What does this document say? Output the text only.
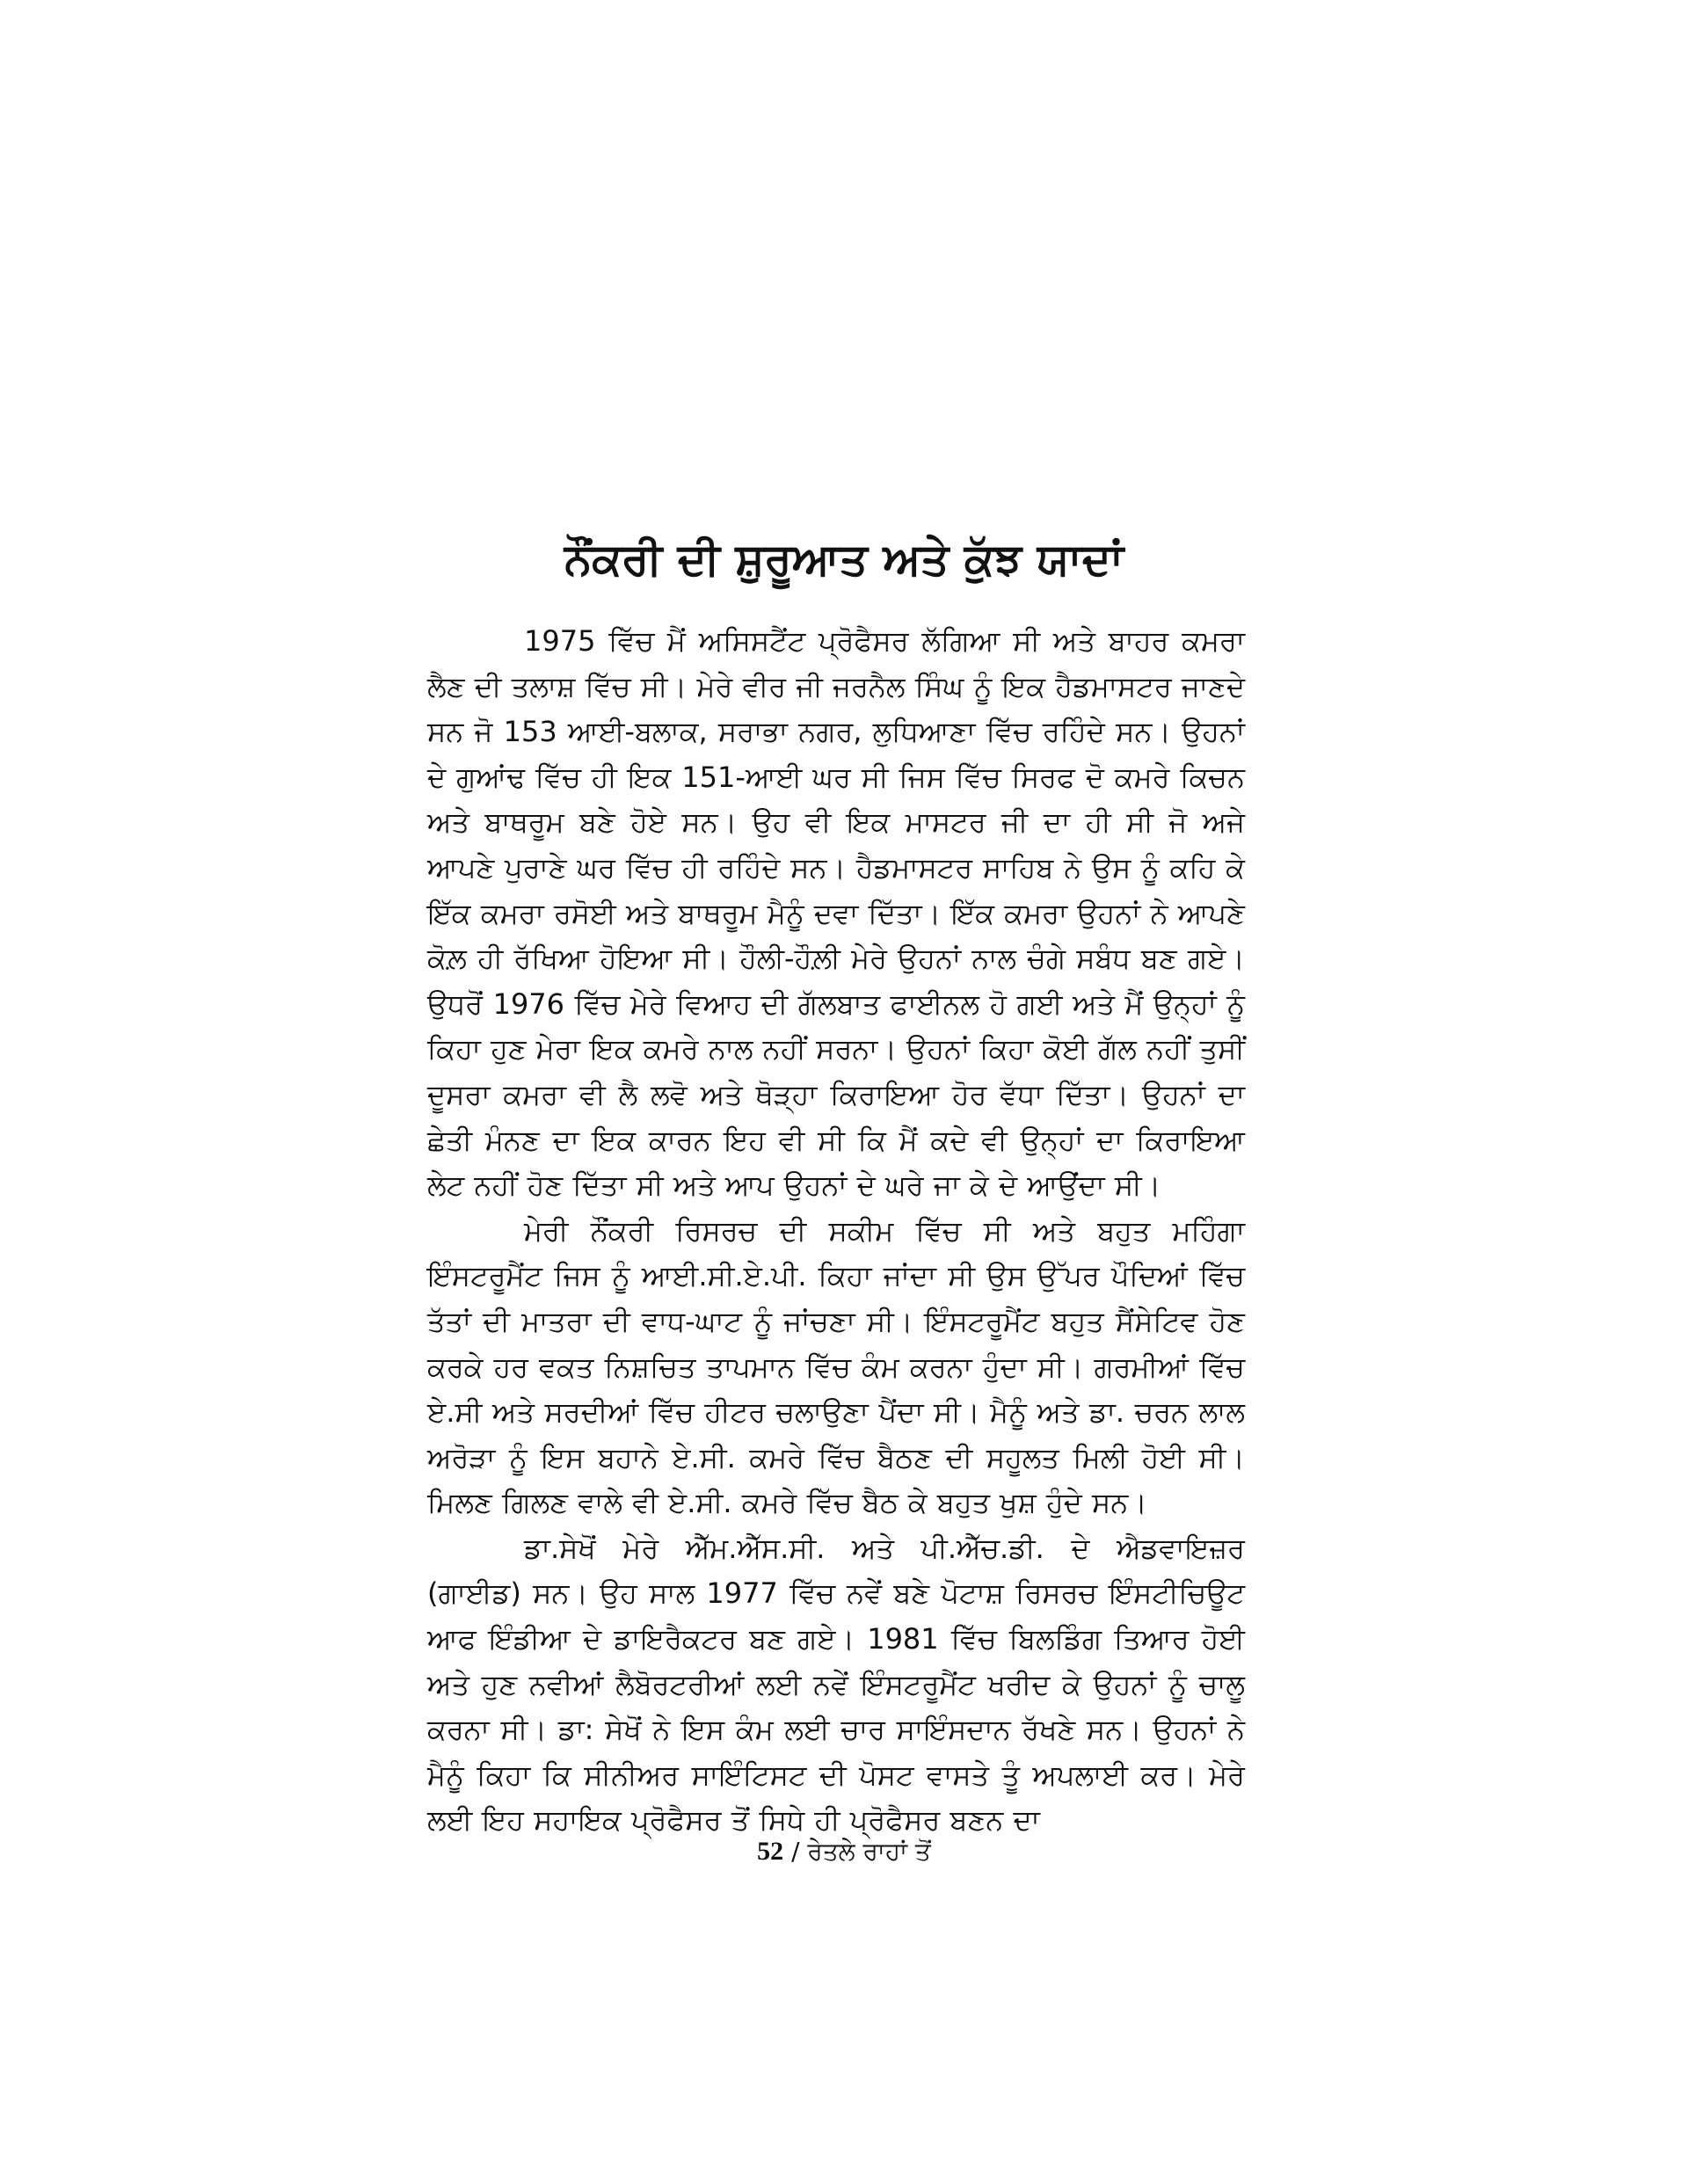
ਨੌਂਕਰੀ ਦੀ ਸ਼ੁਰੂਆਤ ਅਤੇ ਕੁੱਝ ਯਾਦਾਂ

1975 ਵਿੱਚ ਮੈਂ ਅਸਿਸਟੈਂਟ ਪ੍ਰੋਫੈਸਰ ਲੱਗਿਆ ਸੀ ਅਤੇ ਬਾਹਰ ਕਮਰਾ ਲੈਣ ਦੀ ਤਲਾਸ਼ ਵਿੱਚ ਸੀ। ਮੇਰੇ ਵੀਰ ਜੀ ਜਰਨੈਲ ਸਿੰਘ ਨੂੰ ਇਕ ਹੈਡਮਾਸਟਰ ਜਾਣਦੇ ਸਨ ਜੋ 153 ਆਈ-ਬਲਾਕ, ਸਰਾਭਾ ਨਗਰ, ਲੁਧਿਆਣਾ ਵਿੱਚ ਰਹਿੰਦੇ ਸਨ। ਉਹਨਾਂ ਦੇ ਗੁਆਂਢ ਵਿੱਚ ਹੀ ਇਕ 151-ਆਈ ਘਰ ਸੀ ਜਿਸ ਵਿੱਚ ਸਿਰਫ ਦੋ ਕਮਰੇ ਕਿਚਨ ਅਤੇ ਬਾਥਰੂਮ ਬਣੇ ਹੋਏ ਸਨ। ਉਹ ਵੀ ਇਕ ਮਾਸਟਰ ਜੀ ਦਾ ਹੀ ਸੀ ਜੋ ਅਜੇ ਆਪਣੇ ਪੁਰਾਣੇ ਘਰ ਵਿੱਚ ਹੀ ਰਹਿੰਦੇ ਸਨ। ਹੈਡਮਾਸਟਰ ਸਾਹਿਬ ਨੇ ਉਸ ਨੂੰ ਕਹਿ ਕੇ ਇੱਕ ਕਮਰਾ ਰਸੋਈ ਅਤੇ ਬਾਥਰੂਮ ਮੈਨੂੰ ਦਵਾ ਦਿੱਤਾ। ਇੱਕ ਕਮਰਾ ਉਹਨਾਂ ਨੇ ਆਪਣੇ ਕੋਲ਼ ਹੀ ਰੱਖਿਆ ਹੋਇਆ ਸੀ। ਹੌਲੀ-ਹੌਲ਼ੀ ਮੇਰੇ ਉਹਨਾਂ ਨਾਲ ਚੰਗੇ ਸਬੰਧ ਬਣ ਗਏ। ਉਧਰੋਂ 1976 ਵਿੱਚ ਮੇਰੇ ਵਿਆਹ ਦੀ ਗੱਲਬਾਤ ਫਾਈਨਲ ਹੋ ਗਈ ਅਤੇ ਮੈਂ ਉਨ੍ਹਾਂ ਨੂੰ ਕਿਹਾ ਹੁਣ ਮੇਰਾ ਇਕ ਕਮਰੇ ਨਾਲ ਨਹੀਂ ਸਰਨਾ। ਉਹਨਾਂ ਕਿਹਾ ਕੋਈ ਗੱਲ ਨਹੀਂ ਤੁਸੀਂ ਦੂਸਰਾ ਕਮਰਾ ਵੀ ਲੈ ਲਵੋ ਅਤੇ ਥੋੜ੍ਹਾ ਕਿਰਾਇਆ ਹੋਰ ਵੱਧਾ ਦਿੱਤਾ। ਉਹਨਾਂ ਦਾ ਛੇਤੀ ਮੰਨਣ ਦਾ ਇਕ ਕਾਰਨ ਇਹ ਵੀ ਸੀ ਕਿ ਮੈਂ ਕਦੇ ਵੀ ਉਨ੍ਹਾਂ ਦਾ ਕਿਰਾਇਆ ਲੇਟ ਨਹੀਂ ਹੋਣ ਦਿੱਤਾ ਸੀ ਅਤੇ ਆਪ ਉਹਨਾਂ ਦੇ ਘਰੇ ਜਾ ਕੇ ਦੇ ਆਉਂਦਾ ਸੀ।

ਮੇਰੀ ਨੌਂਕਰੀ ਰਿਸਰਚ ਦੀ ਸਕੀਮ ਵਿੱਚ ਸੀ ਅਤੇ ਬਹੁਤ ਮਹਿੰਗਾ ਇੰਸਟਰੂਮੈਂਟ ਜਿਸ ਨੂੰ ਆਈ.ਸੀ.ਏ.ਪੀ. ਕਿਹਾ ਜਾਂਦਾ ਸੀ ਉਸ ਉੱਪਰ ਪੌਦਿਆਂ ਵਿੱਚ ਤੱਤਾਂ ਦੀ ਮਾਤਰਾ ਦੀ ਵਾਧ-ਘਾਟ ਨੂੰ ਜਾਂਚਣਾ ਸੀ। ਇੰਸਟਰੂਮੈਂਟ ਬਹੁਤ ਸੈਂਸੇਟਿਵ ਹੋਣ ਕਰਕੇ ਹਰ ਵਕਤ ਨਿਸ਼ਚਿਤ ਤਾਪਮਾਨ ਵਿੱਚ ਕੰਮ ਕਰਨਾ ਹੁੰਦਾ ਸੀ। ਗਰਮੀਆਂ ਵਿੱਚ ਏ.ਸੀ ਅਤੇ ਸਰਦੀਆਂ ਵਿੱਚ ਹੀਟਰ ਚਲਾਉਣਾ ਪੈਂਦਾ ਸੀ। ਮੈਨੂੰ ਅਤੇ ਡਾ. ਚਰਨ ਲਾਲ ਅਰੋੜਾ ਨੂੰ ਇਸ ਬਹਾਨੇ ਏ.ਸੀ. ਕਮਰੇ ਵਿੱਚ ਬੈਠਣ ਦੀ ਸਹੂਲਤ ਮਿਲੀ ਹੋਈ ਸੀ। ਮਿਲਣ ਗਿਲਣ ਵਾਲੇ ਵੀ ਏ.ਸੀ. ਕਮਰੇ ਵਿੱਚ ਬੈਠ ਕੇ ਬਹੁਤ ਖੁਸ਼ ਹੁੰਦੇ ਸਨ।

ਡਾ.ਸੇਖੋਂ ਮੇਰੇ ਐੱਮ.ਐੱਸ.ਸੀ. ਅਤੇ ਪੀ.ਐੱਚ.ਡੀ. ਦੇ ਐਡਵਾਇਜ਼ਰ (ਗਾਈਡ) ਸਨ। ਉਹ ਸਾਲ 1977 ਵਿੱਚ ਨਵੇਂ ਬਣੇ ਪੋਟਾਸ਼ ਰਿਸਰਚ ਇੰਸਟੀਚਿਊਟ ਆਫ ਇੰਡੀਆ ਦੇ ਡਾਇਰੈਕਟਰ ਬਣ ਗਏ। 1981 ਵਿੱਚ ਬਿਲਡਿੰਗ ਤਿਆਰ ਹੋਈ ਅਤੇ ਹੁਣ ਨਵੀਆਂ ਲੈਬੋਰਟਰੀਆਂ ਲਈ ਨਵੇਂ ਇੰਸਟਰੂਮੈਂਟ ਖਰੀਦ ਕੇ ਉਹਨਾਂ ਨੂੰ ਚਾਲੂ ਕਰਨਾ ਸੀ। ਡਾ: ਸੇਖੋਂ ਨੇ ਇਸ ਕੰਮ ਲਈ ਚਾਰ ਸਾਇੰਸਦਾਨ ਰੱਖਣੇ ਸਨ। ਉਹਨਾਂ ਨੇ ਮੈਨੂੰ ਕਿਹਾ ਕਿ ਸੀਨੀਅਰ ਸਾਇੰਟਿਸਟ ਦੀ ਪੋਸਟ ਵਾਸਤੇ ਤੂੰ ਅਪਲਾਈ ਕਰ। ਮੇਰੇ ਲਈ ਇਹ ਸਹਾਇਕ ਪ੍ਰੋਫੈਸਰ ਤੋਂ ਸਿਧੇ ਹੀ ਪ੍ਰੋਫੈਸਰ ਬਣਨ ਦਾ

52 / ਰੇਤਲੇ ਰਾਹਾਂ ਤੋਂ
